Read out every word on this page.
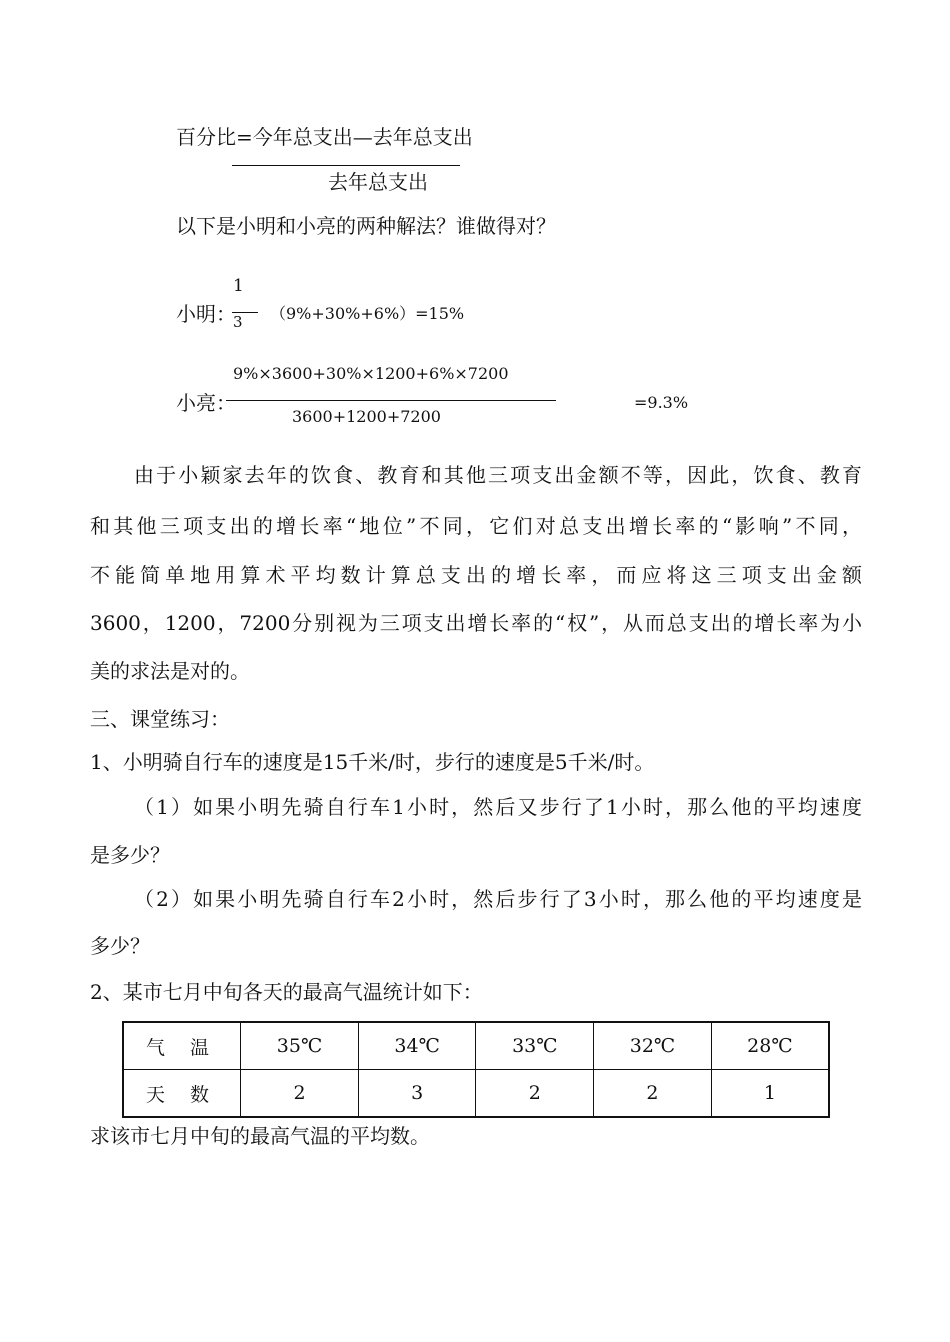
百分比=今年总支出—去年总支出
去年总支出
以下是小明和小亮的两种解法？谁做得对？
1
小明：
3 （9%+30%+6%）=15%
9%×3600+30%×1200+6%×7200
小亮：
3600+1200+7200
=9.3%
由于小颖家去年的饮食、教育和其他三项支出金额不等，因此，饮食、教育
和其他三项支出的增长率“地位”不同，它们对总支出增长率的“影响”不同，
不能简单地用算术平均数计算总支出的增长率，而应将这三项支出金额
3600，1200，7200分别视为三项支出增长率的“权”，从而总支出的增长率为小
美的求法是对的。
三、课堂练习：
1、小明骑自行车的速度是15千米/时，步行的速度是5千米/时。
（1）如果小明先骑自行车1小时，然后又步行了1小时，那么他的平均速度
是多少？
（2）如果小明先骑自行车2小时，然后步行了3小时，那么他的平均速度是
多少？
2、某市七月中旬各天的最高气温统计如下：
气　 温	35℃	34℃	33℃	32℃	28℃
天　 数	2	3	2	2	1
求该市七月中旬的最高气温的平均数。
